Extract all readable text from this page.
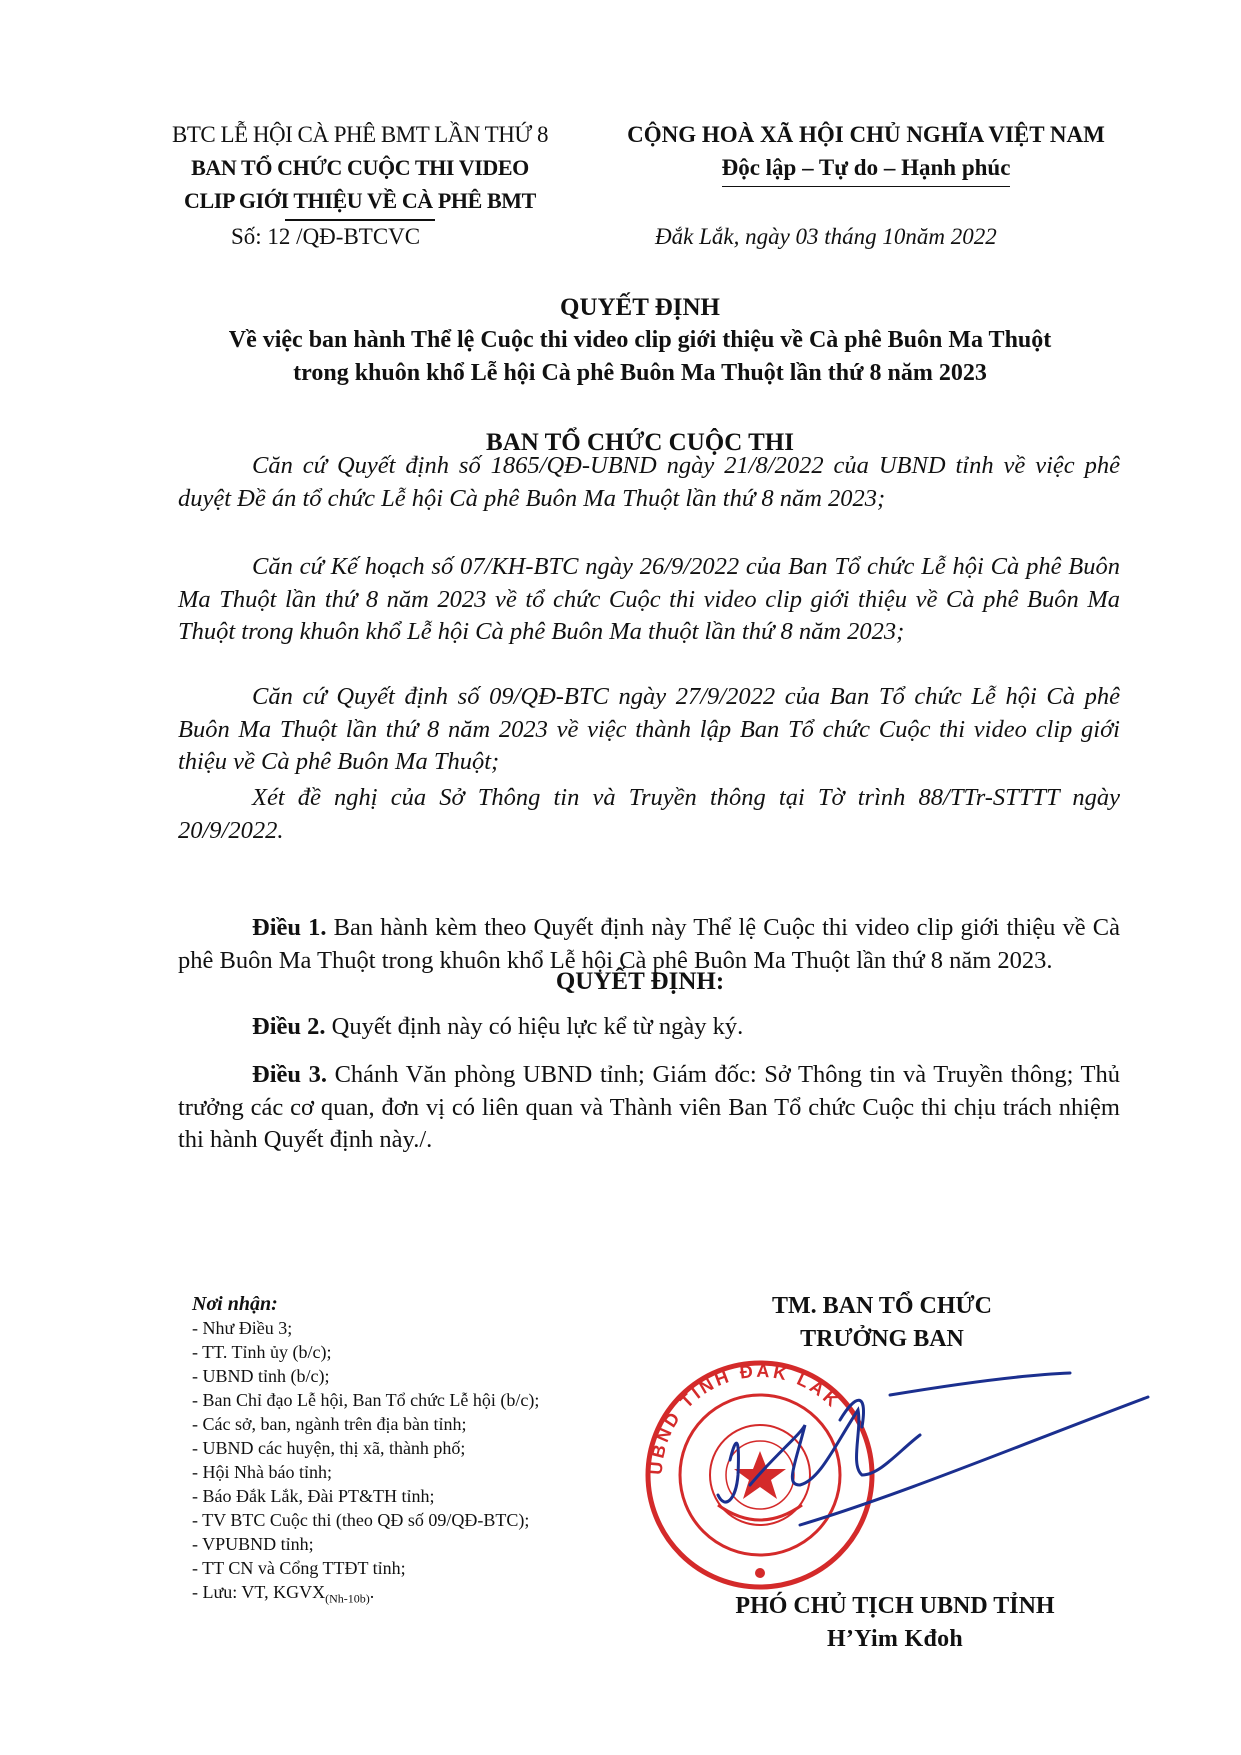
BTC LỄ HỘI CÀ PHÊ BMT LẦN THỨ 8
BAN TỔ CHỨC CUỘC THI VIDEO
CLIP GIỚI THIỆU VỀ CÀ PHÊ BMT
Số: 12 /QĐ-BTCVC
CỘNG HOÀ XÃ HỘI CHỦ NGHĨA VIỆT NAM
Độc lập – Tự do – Hạnh phúc
Đắk Lắk, ngày 03 tháng 10năm 2022
QUYẾT ĐỊNH
Về việc ban hành Thể lệ Cuộc thi video clip giới thiệu về Cà phê Buôn Ma Thuột
trong khuôn khổ Lễ hội Cà phê Buôn Ma Thuột lần thứ 8 năm 2023
BAN TỔ CHỨC CUỘC THI
Căn cứ Quyết định số 1865/QĐ-UBND ngày 21/8/2022 của UBND tỉnh về việc phê duyệt Đề án tổ chức Lễ hội Cà phê Buôn Ma Thuột lần thứ 8 năm 2023;
Căn cứ Kế hoạch số 07/KH-BTC ngày 26/9/2022 của Ban Tổ chức Lễ hội Cà phê Buôn Ma Thuột lần thứ 8 năm 2023 về tổ chức Cuộc thi video clip giới thiệu về Cà phê Buôn Ma Thuột trong khuôn khổ Lễ hội Cà phê Buôn Ma thuột lần thứ 8 năm 2023;
Căn cứ Quyết định số 09/QĐ-BTC ngày 27/9/2022 của Ban Tổ chức Lễ hội Cà phê Buôn Ma Thuột lần thứ 8 năm 2023 về việc thành lập Ban Tổ chức Cuộc thi video clip giới thiệu về Cà phê Buôn Ma Thuột;
Xét đề nghị của Sở Thông tin và Truyền thông tại Tờ trình 88/TTr-STTTT ngày 20/9/2022.
QUYẾT ĐỊNH:
Điều 1. Ban hành kèm theo Quyết định này Thể lệ Cuộc thi video clip giới thiệu về Cà phê Buôn Ma Thuột trong khuôn khổ Lễ hội Cà phê Buôn Ma Thuột lần thứ 8 năm 2023.
Điều 2. Quyết định này có hiệu lực kể từ ngày ký.
Điều 3. Chánh Văn phòng UBND tỉnh; Giám đốc: Sở Thông tin và Truyền thông; Thủ trưởng các cơ quan, đơn vị có liên quan và Thành viên Ban Tổ chức Cuộc thi chịu trách nhiệm thi hành Quyết định này./.
Nơi nhận:
- Như Điều 3;
- TT. Tỉnh ủy (b/c);
- UBND tỉnh (b/c);
- Ban Chỉ đạo Lễ hội, Ban Tổ chức Lễ hội (b/c);
- Các sở, ban, ngành trên địa bàn tỉnh;
- UBND các huyện, thị xã, thành phố;
- Hội Nhà báo tỉnh;
- Báo Đắk Lắk, Đài PT&TH tỉnh;
- TV BTC Cuộc thi (theo QĐ số 09/QĐ-BTC);
- VPUBND tỉnh;
- TT CN và Cổng TTĐT tỉnh;
- Lưu: VT, $KGVX_{(Nh-10b)}$.
TM. BAN TỔ CHỨC
TRƯỞNG BAN
UBND TỈNH ĐẮK LẮK
PHÓ CHỦ TỊCH UBND TỈNH
H’Yim Kđoh
